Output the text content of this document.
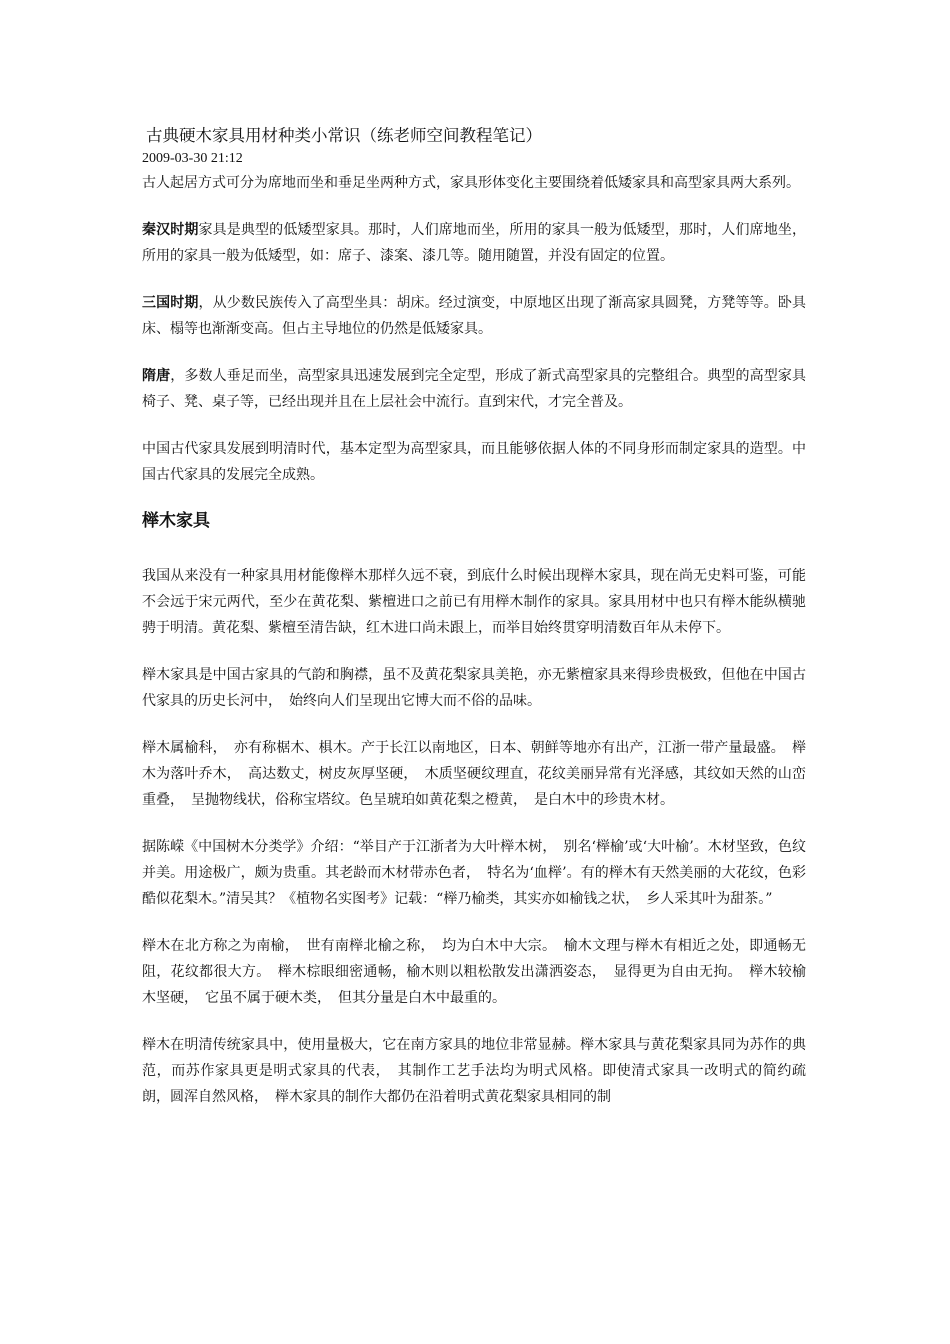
古典硬木家具用材种类小常识（练老师空间教程笔记）

2009-03-30 21:12

古人起居方式可分为席地而坐和垂足坐两种方式，家具形体变化主要围绕着低矮家具和高型家具两大系列。

秦汉时期家具是典型的低矮型家具。那时，人们席地而坐，所用的家具一般为低矮型，那时，人们席地坐，所用的家具一般为低矮型，如：席子、漆案、漆几等。随用随置，并没有固定的位置。

三国时期，从少数民族传入了高型坐具：胡床。经过演变，中原地区出现了渐高家具圆凳，方凳等等。卧具床、榻等也渐渐变高。但占主导地位的仍然是低矮家具。

隋唐，多数人垂足而坐，高型家具迅速发展到完全定型，形成了新式高型家具的完整组合。典型的高型家具椅子、凳、桌子等，已经出现并且在上层社会中流行。直到宋代，才完全普及。

中国古代家具发展到明清时代，基本定型为高型家具，而且能够依据人体的不同身形而制定家具的造型。中国古代家具的发展完全成熟。

榉木家具

我国从来没有一种家具用材能像榉木那样久远不衰，到底什么时候出现榉木家具，现在尚无史料可鉴，可能不会远于宋元两代，至少在黄花梨、紫檀进口之前已有用榉木制作的家具。家具用材中也只有榉木能纵横驰骋于明清。黄花梨、紫檀至清告缺，红木进口尚未跟上，而举目始终贯穿明清数百年从未停下。

榉木家具是中国古家具的气韵和胸襟，虽不及黄花梨家具美艳，亦无紫檀家具来得珍贵极致，但他在中国古代家具的历史长河中，　始终向人们呈现出它博大而不俗的品味。

榉木属榆科，　亦有称椐木、椇木。产于长江以南地区，日本、朝鲜等地亦有出产，江浙一带产量最盛。　榉木为落叶乔木，　高达数丈，树皮灰厚坚硬，　木质坚硬纹理直，花纹美丽异常有光泽感，其纹如天然的山峦重叠，　呈抛物线状，俗称宝塔纹。色呈琥珀如黄花梨之橙黄，　是白木中的珍贵木材。

据陈嵘《中国树木分类学》介绍：“举目产于江浙者为大叶榉木树，　别名‘榉榆’或‘大叶榆’。木材坚致，色纹并美。用途极广，颇为贵重。其老龄而木材带赤色者，　特名为‘血榉’。有的榉木有天然美丽的大花纹，色彩酷似花梨木。”清吴其？《植物名实图考》记载：“榉乃榆类，其实亦如榆钱之状，　乡人采其叶为甜茶。”

榉木在北方称之为南榆，　世有南榉北榆之称，　均为白木中大宗。　榆木文理与榉木有相近之处，即通畅无阻，花纹都很大方。　榉木棕眼细密通畅，榆木则以粗松散发出潇洒姿态，　显得更为自由无拘。　榉木较榆木坚硬，　它虽不属于硬木类，　但其分量是白木中最重的。

榉木在明清传统家具中，使用量极大，它在南方家具的地位非常显赫。榉木家具与黄花梨家具同为苏作的典范，而苏作家具更是明式家具的代表，　其制作工艺手法均为明式风格。即使清式家具一改明式的简约疏朗，圆浑自然风格，　榉木家具的制作大都仍在沿着明式黄花梨家具相同的制
